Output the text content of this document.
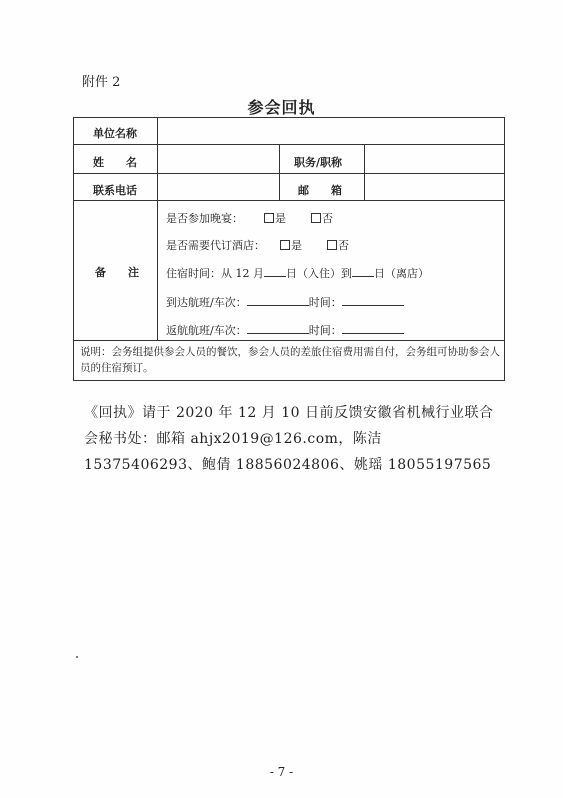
附件 2
参会回执
单位名称
姓  名	职务/职称
联系电话	邮  箱
备  注
是否参加晚宴：	是	否
是否需要代订酒店： 是	否
住宿时间：从 12 月 日（入住）到 日（离店）
到达航班/车次：	时间：
返航航班/车次：	时间：
说明：会务组提供参会人员的餐饮，参会人员的差旅住宿费用需自付，会务组可协助参会人员的住宿预订。
《回执》请于 2020 年 12 月 10 日前反馈安徽省机械行业联合会秘书处：邮箱 ahjx2019@126.com，陈洁 15375406293、鲍倩 18856024806、姚瑶 18055197565
- 7 -
